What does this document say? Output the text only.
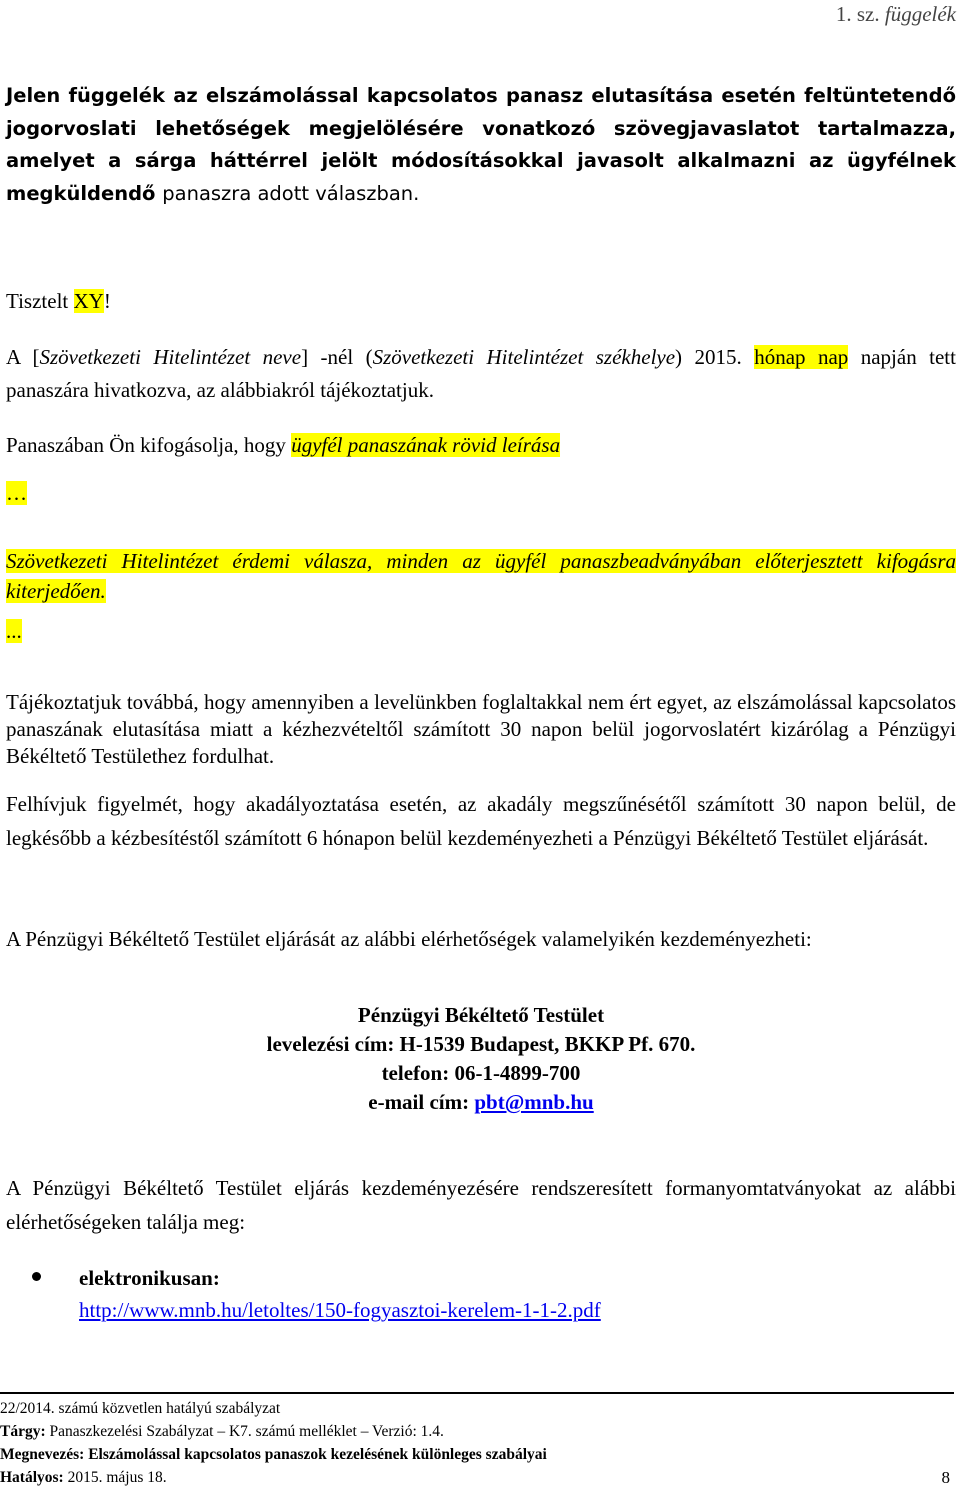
1. sz. függelék
Jelen függelék az elszámolással kapcsolatos panasz elutasítása esetén feltüntetendő jogorvoslati lehetőségek megjelölésére vonatkozó szövegjavaslatot tartalmazza, amelyet a sárga háttérrel jelölt módosításokkal javasolt alkalmazni az ügyfélnek megküldendő panaszra adott válaszban.

Tisztelt XY!

A [Szövetkezeti Hitelintézet neve] -nél (Szövetkezeti Hitelintézet székhelye) 2015. hónap nap napján tett panaszára hivatkozva, az alábbiakról tájékoztatjuk.

Panaszában Ön kifogásolja, hogy ügyfél panaszának rövid leírása

…

Szövetkezeti Hitelintézet érdemi válasza, minden az ügyfél panaszbeadványában előterjesztett kifogásra kiterjedően.

...

Tájékoztatjuk továbbá, hogy amennyiben a levelünkben foglaltakkal nem ért egyet, az elszámolással kapcsolatos panaszának elutasítása miatt a kézhezvételtől számított 30 napon belül jogorvoslatért kizárólag a Pénzügyi Békéltető Testülethez fordulhat.

Felhívjuk figyelmét, hogy akadályoztatása esetén, az akadály megszűnésétől számított 30 napon belül, de legkésőbb a kézbesítéstől számított 6 hónapon belül kezdeményezheti a Pénzügyi Békéltető Testület eljárását.

A Pénzügyi Békéltető Testület eljárását az alábbi elérhetőségek valamelyikén kezdeményezheti:

Pénzügyi Békéltető Testület
levelezési cím: H-1539 Budapest, BKKP Pf. 670.
telefon: 06-1-4899-700
e-mail cím: pbt@mnb.hu

A Pénzügyi Békéltető Testület eljárás kezdeményezésére rendszeresített formanyomtatványokat az alábbi elérhetőségeken találja meg:

elektronikusan:
http://www.mnb.hu/letoltes/150-fogyasztoi-kerelem-1-1-2.pdf
22/2014. számú közvetlen hatályú szabályzat
Tárgy: Panaszkezelési Szabályzat – K7. számú melléklet – Verzió: 1.4.
Megnevezés: Elszámolással kapcsolatos panaszok kezelésének különleges szabályai
Hatályos: 2015. május 18.	8
